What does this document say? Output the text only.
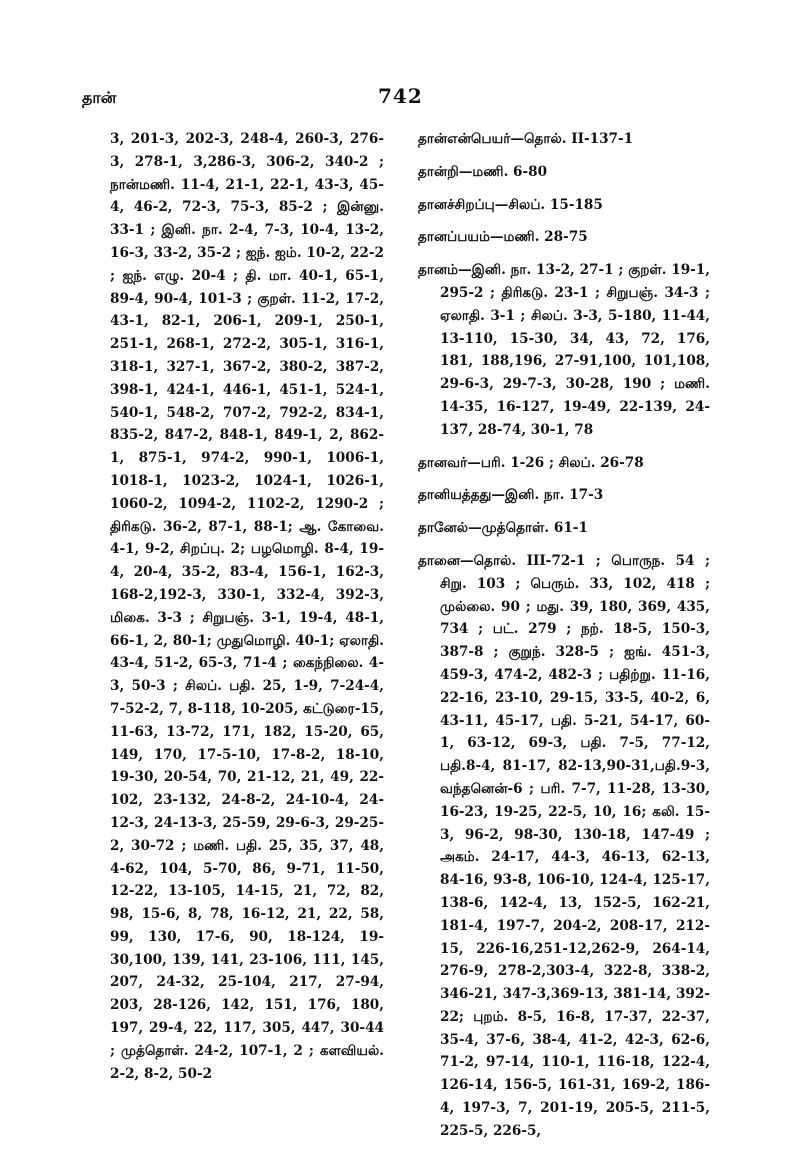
தான்	742

3, 201-3, 202-3, 248-4, 260-3, 276-3, 278-1, 3,286-3, 306-2, 340-2 ; நான்மணி. 11-4, 21-1, 22-1, 43-3, 45-4, 46-2, 72-3, 75-3, 85-2 ; இன்னு. 33-1 ; இனி. நா. 2-4, 7-3, 10-4, 13-2, 16-3, 33-2, 35-2 ; ஐந். ஐம். 10-2, 22-2 ; ஐந். எழு. 20-4 ; தி. மா. 40-1, 65-1, 89-4, 90-4, 101-3 ; குறள். 11-2, 17-2, 43-1, 82-1, 206-1, 209-1, 250-1, 251-1, 268-1, 272-2, 305-1, 316-1, 318-1, 327-1, 367-2, 380-2, 387-2, 398-1, 424-1, 446-1, 451-1, 524-1, 540-1, 548-2, 707-2, 792-2, 834-1, 835-2, 847-2, 848-1, 849-1, 2, 862-1, 875-1, 974-2, 990-1, 1006-1, 1018-1, 1023-2, 1024-1, 1026-1, 1060-2, 1094-2, 1102-2, 1290-2 ; திரிகடு. 36-2, 87-1, 88-1; ஆ. கோவை. 4-1, 9-2, சிறப்பு. 2; பழமொழி. 8-4, 19-4, 20-4, 35-2, 83-4, 156-1, 162-3, 168-2,192-3, 330-1, 332-4, 392-3, மிகை. 3-3 ; சிறுபஞ். 3-1, 19-4, 48-1, 66-1, 2, 80-1; முதுமொழி. 40-1; ஏலாதி. 43-4, 51-2, 65-3, 71-4 ; கைந்நிலை. 4-3, 50-3 ; சிலப். பதி. 25, 1-9, 7-24-4, 7-52-2, 7, 8-118, 10-205, கட்டுரை-15, 11-63, 13-72, 171, 182, 15-20, 65, 149, 170, 17-5-10, 17-8-2, 18-10, 19-30, 20-54, 70, 21-12, 21, 49, 22-102, 23-132, 24-8-2, 24-10-4, 24-12-3, 24-13-3, 25-59, 29-6-3, 29-25-2, 30-72 ; மணி. பதி. 25, 35, 37, 48, 4-62, 104, 5-70, 86, 9-71, 11-50, 12-22, 13-105, 14-15, 21, 72, 82, 98, 15-6, 8, 78, 16-12, 21, 22, 58, 99, 130, 17-6, 90, 18-124, 19-30,100, 139, 141, 23-106, 111, 145, 207, 24-32, 25-104, 217, 27-94, 203, 28-126, 142, 151, 176, 180, 197, 29-4, 22, 117, 305, 447, 30-44 ; முத்தொள். 24-2, 107-1, 2 ; களவியல். 2-2, 8-2, 50-2

தான்என்பெயர்—தொல். II-137-1

தான்றி—மணி. 6-80

தானச்சிறப்பு—சிலப். 15-185

தானப்பயம்—மணி. 28-75

தானம்—இனி. நா. 13-2, 27-1 ; குறள். 19-1, 295-2 ; திரிகடு. 23-1 ; சிறுபஞ். 34-3 ; ஏலாதி. 3-1 ; சிலப். 3-3, 5-180, 11-44, 13-110, 15-30, 34, 43, 72, 176, 181, 188,196, 27-91,100, 101,108, 29-6-3, 29-7-3, 30-28, 190 ; மணி. 14-35, 16-127, 19-49, 22-139, 24-137, 28-74, 30-1, 78

தானவர்—பரி. 1-26 ; சிலப். 26-78

தானியத்தது—இனி. நா. 17-3

தானேல்—முத்தொள். 61-1

தானை—தொல். III-72-1 ; பொருந. 54 ; சிறு. 103 ; பெரும். 33, 102, 418 ; முல்லை. 90 ; மது. 39, 180, 369, 435, 734 ; பட். 279 ; நற். 18-5, 150-3, 387-8 ; குறுந். 328-5 ; ஐங். 451-3, 459-3, 474-2, 482-3 ; பதிற்று. 11-16, 22-16, 23-10, 29-15, 33-5, 40-2, 6, 43-11, 45-17, பதி. 5-21, 54-17, 60-1, 63-12, 69-3, பதி. 7-5, 77-12, பதி.8-4, 81-17, 82-13,90-31,பதி.9-3, வந்தனென்-6 ; பரி. 7-7, 11-28, 13-30, 16-23, 19-25, 22-5, 10, 16; கலி. 15-3, 96-2, 98-30, 130-18, 147-49 ; அகம். 24-17, 44-3, 46-13, 62-13, 84-16, 93-8, 106-10, 124-4, 125-17, 138-6, 142-4, 13, 152-5, 162-21, 181-4, 197-7, 204-2, 208-17, 212-15, 226-16,251-12,262-9, 264-14, 276-9, 278-2,303-4, 322-8, 338-2, 346-21, 347-3,369-13, 381-14, 392-22; புறம். 8-5, 16-8, 17-37, 22-37, 35-4, 37-6, 38-4, 41-2, 42-3, 62-6, 71-2, 97-14, 110-1, 116-18, 122-4, 126-14, 156-5, 161-31, 169-2, 186-4, 197-3, 7, 201-19, 205-5, 211-5, 225-5, 226-5,
